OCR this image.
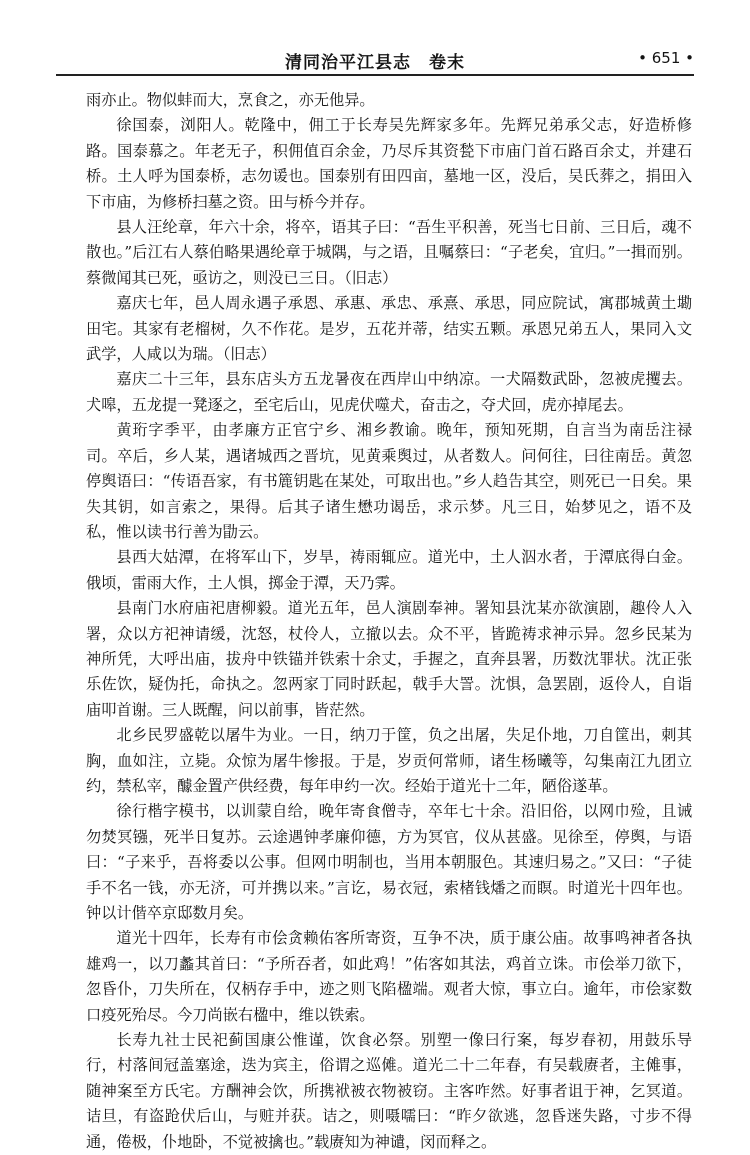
清同治平江县志　卷末	• 651 •

雨亦止。物似蚌而大，烹食之，亦无他异。

徐国泰，浏阳人。乾隆中，佣工于长寿吴先辉家多年。先辉兄弟承父志，好造桥修路。国泰慕之。年老无子，积佣值百余金，乃尽斥其资甃下市庙门首石路百余丈，并建石桥。土人呼为国泰桥，志勿谖也。国泰别有田四亩，墓地一区，没后，吴氏葬之，捐田入下市庙，为修桥扫墓之资。田与桥今并存。

县人汪纶章，年六十余，将卒，语其子曰：“吾生平积善，死当七日前、三日后，魂不散也。”后江右人蔡伯略果遇纶章于城隅，与之语，且嘱蔡曰：“子老矣，宜归。”一揖而别。蔡微闻其已死，亟访之，则没已三日。（旧志）

嘉庆七年，邑人周永遇子承恩、承惠、承忠、承熹、承思，同应院试，寓郡城黄土墈田宅。其家有老榴树，久不作花。是岁，五花并蒂，结实五颗。承恩兄弟五人，果同入文武学，人咸以为瑞。（旧志）

嘉庆二十三年，县东店头方五龙暑夜在西岸山中纳凉。一犬隔数武卧，忽被虎攫去。犬嗥，五龙提一凳逐之，至宅后山，见虎伏噬犬，奋击之，夺犬回，虎亦掉尾去。

黄珩字季平，由孝廉方正官宁乡、湘乡教谕。晚年，预知死期，自言当为南岳注禄司。卒后，乡人某，遇诸城西之晋坑，见黄乘舆过，从者数人。问何往，曰往南岳。黄忽停舆语曰：“传语吾家，有书簏钥匙在某处，可取出也。”乡人趋告其空，则死已一日矣。果失其钥，如言索之，果得。后其子诸生懋功谒岳，求示梦。凡三日，始梦见之，语不及私，惟以读书行善为勖云。

县西大姑潭，在将军山下，岁旱，祷雨辄应。道光中，土人泅水者，于潭底得白金。俄顷，雷雨大作，土人惧，掷金于潭，天乃霁。

县南门水府庙祀唐柳毅。道光五年，邑人演剧奉神。署知县沈某亦欲演剧，趣伶人入署，众以方祀神请缓，沈怒，杖伶人，立撤以去。众不平，皆跪祷求神示异。忽乡民某为神所凭，大呼出庙，拔舟中铁锚并铁索十余丈，手握之，直奔县署，历数沈罪状。沈正张乐佐饮，疑伪托，命执之。忽两家丁同时跃起，戟手大詈。沈惧，急罢剧，返伶人，自诣庙叩首谢。三人既醒，问以前事，皆茫然。

北乡民罗盛乾以屠牛为业。一日，纳刀于筐，负之出屠，失足仆地，刀自筐出，刺其胸，血如注，立毙。众惊为屠牛惨报。于是，岁贡何常师，诸生杨曦等，勾集南江九团立约，禁私宰，醵金置产供经费，每年申约一次。经始于道光十二年，陋俗遂革。

徐行楷字模书，以训蒙自给，晚年寄食僧寺，卒年七十余。沿旧俗，以网巾殓，且诫勿焚冥镪，死半日复苏。云途遇钟孝廉仰德，方为冥官，仪从甚盛。见徐至，停舆，与语曰：“子来乎，吾将委以公事。但网巾明制也，当用本朝服色。其速归易之。”又曰：“子徒手不名一钱，亦无济，可并携以来。”言讫，易衣冠，索楮钱燔之而瞑。时道光十四年也。钟以计偕卒京邸数月矣。

道光十四年，长寿有市侩贪赖佑客所寄资，互争不决，质于康公庙。故事鸣神者各执雄鸡一，以刀蠡其首曰：“予所吞者，如此鸡！”佑客如其法，鸡首立诛。市侩举刀欲下，忽昏仆，刀失所在，仅柄存手中，迹之则飞陷楹端。观者大惊，事立白。逾年，市侩家数口疫死殆尽。今刀尚嵌右楹中，维以铁索。

长寿九社士民祀蓟国康公惟谨，饮食必祭。别塑一像曰行案，每岁春初，用鼓乐导行，村落间冠盖塞途，迭为宾主，俗谓之巡傩。道光二十二年春，有吴载赓者，主傩事，随神案至方氏宅。方酬神会饮，所携袱被衣物被窃。主客咋然。好事者诅于神，乞冥道。诘旦，有盗跄伏后山，与赃并获。诘之，则嗫嚅曰：“昨夕欲逃，忽昏迷失路，寸步不得通，倦极，仆地卧，不觉被擒也。”载赓知为神谴，闵而释之。
